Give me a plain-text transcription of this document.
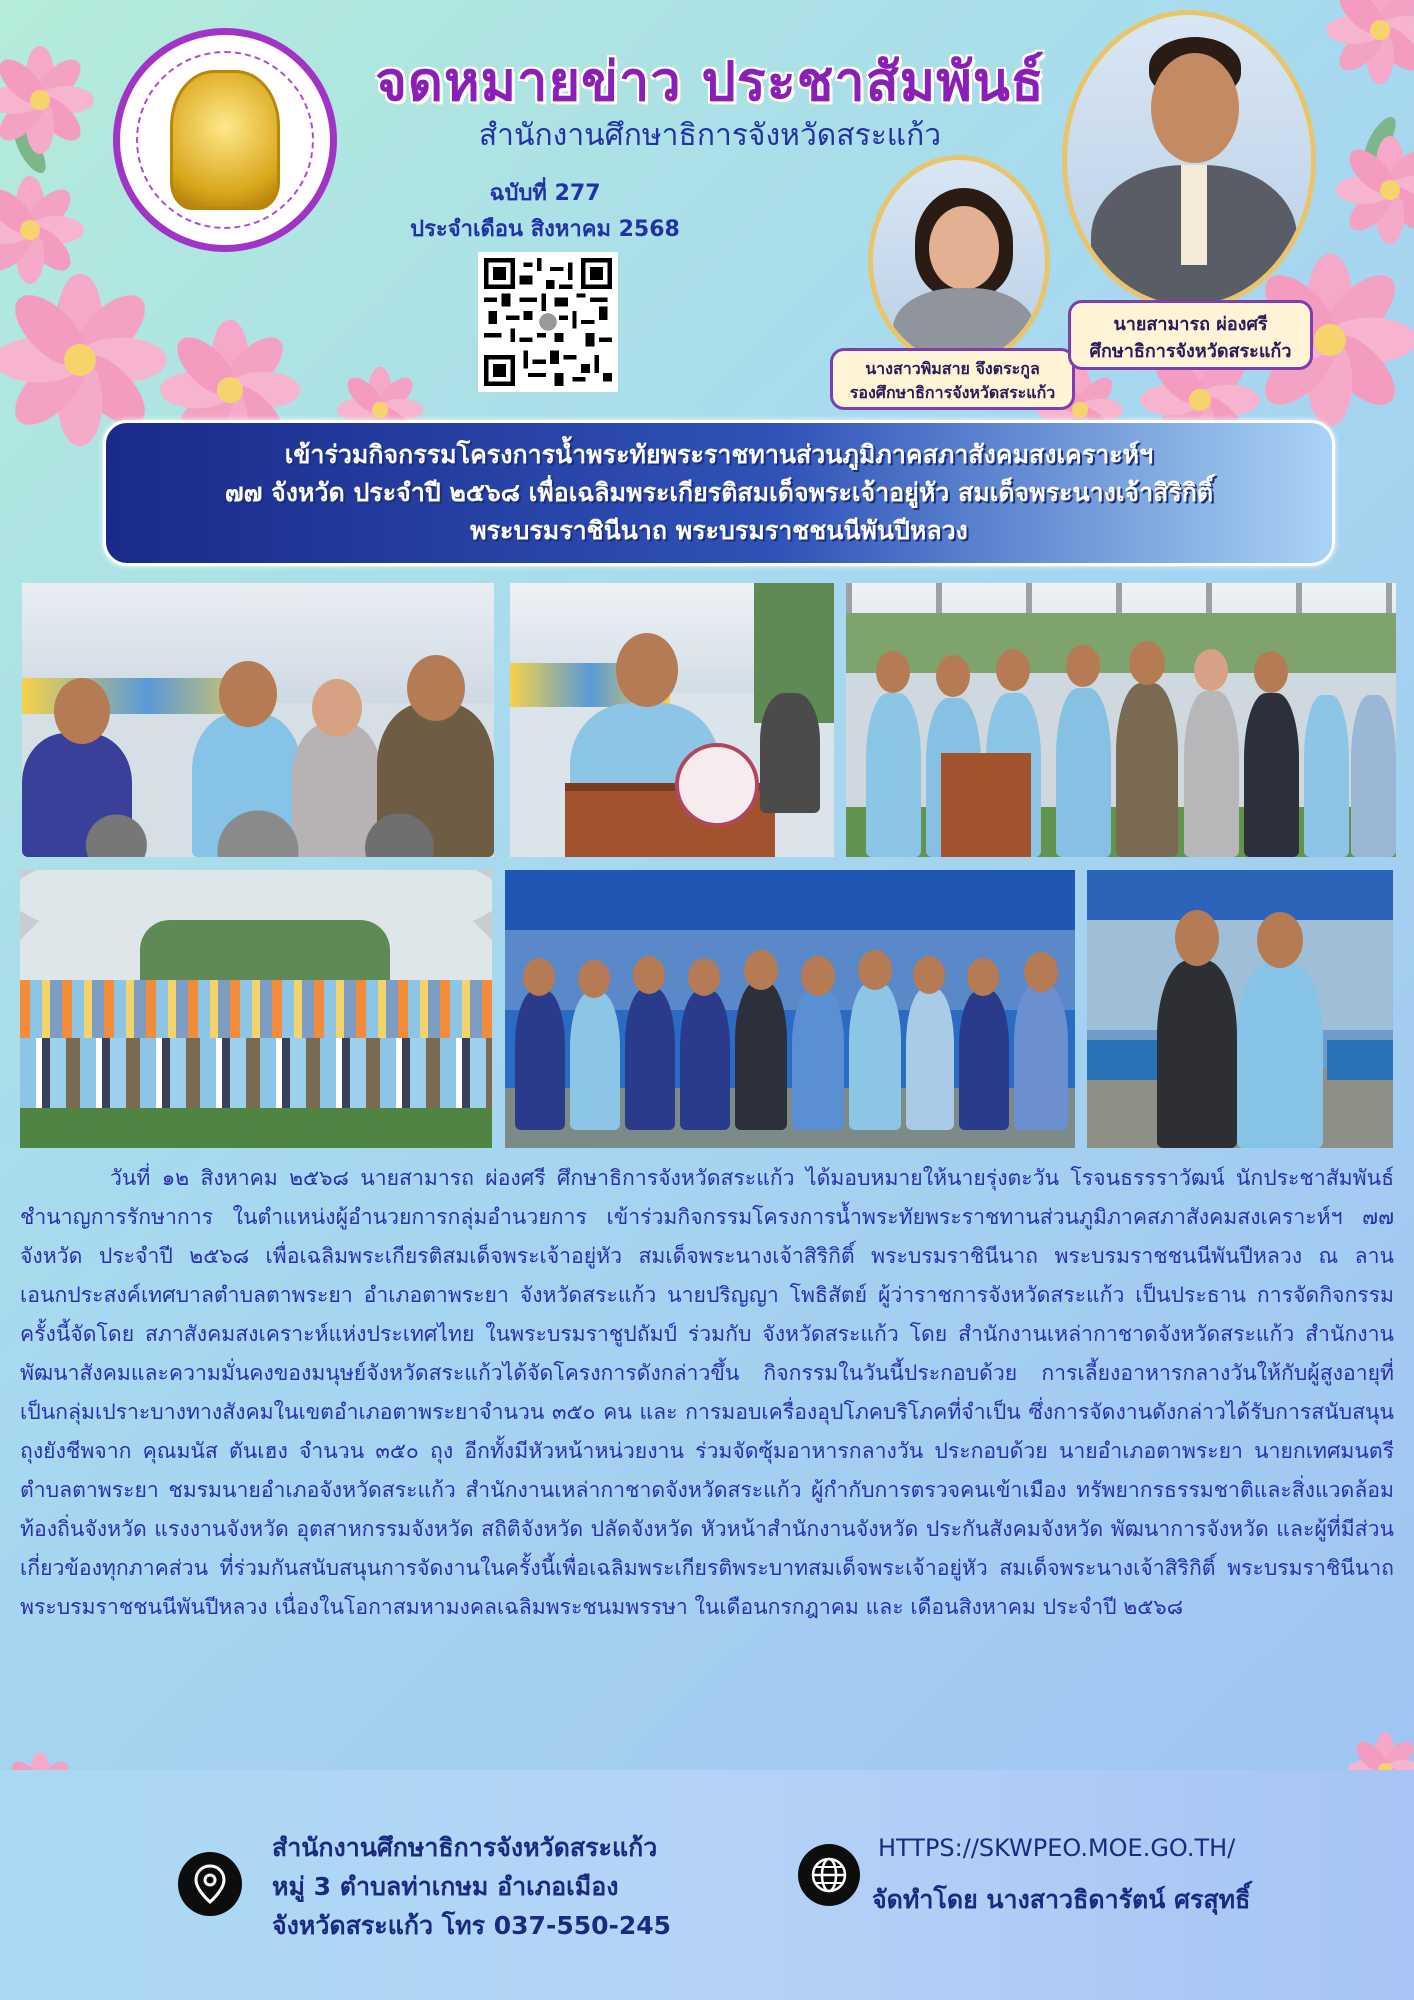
จดหมายข่าว ประชาสัมพันธ์
สำนักงานศึกษาธิการจังหวัดสระแก้ว
ฉบับที่ 277
ประจำเดือน สิงหาคม 2568
นางสาวพิมสาย จึงตระกูล
รองศึกษาธิการจังหวัดสระแก้ว
นายสามารถ ผ่องศรี
ศึกษาธิการจังหวัดสระแก้ว
เข้าร่วมกิจกรรมโครงการน้ำพระทัยพระราชทานส่วนภูมิภาคสภาสังคมสงเคราะห์ฯ
๗๗ จังหวัด ประจำปี ๒๕๖๘ เพื่อเฉลิมพระเกียรติสมเด็จพระเจ้าอยู่หัว สมเด็จพระนางเจ้าสิริกิติ์
พระบรมราชินีนาถ พระบรมราชชนนีพันปีหลวง

วันที่ ๑๒ สิงหาคม ๒๕๖๘ นายสามารถ ผ่องศรี ศึกษาธิการจังหวัดสระแก้ว ได้มอบหมายให้นายรุ่งตะวัน โรจนธรรราวัฒน์ นักประชาสัมพันธ์ชำนาญการรักษาการ ในตำแหน่งผู้อำนวยการกลุ่มอำนวยการ เข้าร่วมกิจกรรมโครงการน้ำพระทัยพระราชทานส่วนภูมิภาคสภาสังคมสงเคราะห์ฯ ๗๗ จังหวัด ประจำปี ๒๕๖๘ เพื่อเฉลิมพระเกียรติสมเด็จพระเจ้าอยู่หัว สมเด็จพระนางเจ้าสิริกิติ์ พระบรมราชินีนาถ พระบรมราชชนนีพันปีหลวง ณ ลานเอนกประสงค์เทศบาลตำบลตาพระยา อำเภอตาพระยา จังหวัดสระแก้ว นายปริญญา โพธิสัตย์ ผู้ว่าราชการจังหวัดสระแก้ว เป็นประธาน การจัดกิจกรรมครั้งนี้จัดโดย สภาสังคมสงเคราะห์แห่งประเทศไทย ในพระบรมราชูปถัมป์ ร่วมกับ จังหวัดสระแก้ว โดย สำนักงานเหล่ากาชาดจังหวัดสระแก้ว สำนักงานพัฒนาสังคมและความมั่นคงของมนุษย์จังหวัดสระแก้วได้จัดโครงการดังกล่าวขึ้น กิจกรรมในวันนี้ประกอบด้วย การเลี้ยงอาหารกลางวันให้กับผู้สูงอายุที่เป็นกลุ่มเปราะบางทางสังคมในเขตอำเภอตาพระยาจำนวน ๓๕๐ คน และ การมอบเครื่องอุปโภคบริโภคที่จำเป็น ซึ่งการจัดงานดังกล่าวได้รับการสนับสนุนถุงยังชีพจาก คุณมนัส ตันเฮง จำนวน ๓๕๐ ถุง อีกทั้งมีหัวหน้าหน่วยงาน ร่วมจัดซุ้มอาหารกลางวัน ประกอบด้วย นายอำเภอตาพระยา นายกเทศมนตรีตำบลตาพระยา ชมรมนายอำเภอจังหวัดสระแก้ว สำนักงานเหล่ากาชาดจังหวัดสระแก้ว ผู้กำกับการตรวจคนเข้าเมือง ทรัพยากรธรรมชาติและสิ่งแวดล้อม ท้องถิ่นจังหวัด แรงงานจังหวัด อุตสาหกรรมจังหวัด สถิติจังหวัด ปลัดจังหวัด หัวหน้าสำนักงานจังหวัด ประกันสังคมจังหวัด พัฒนาการจังหวัด และผู้ที่มีส่วนเกี่ยวข้องทุกภาคส่วน ที่ร่วมกันสนับสนุนการจัดงานในครั้งนี้เพื่อเฉลิมพระเกียรติพระบาทสมเด็จพระเจ้าอยู่หัว สมเด็จพระนางเจ้าสิริกิติ์ พระบรมราชินีนาถ พระบรมราชชนนีพันปีหลวง เนื่องในโอกาสมหามงคลเฉลิมพระชนมพรรษา ในเดือนกรกฎาคม และ เดือนสิงหาคม ประจำปี ๒๕๖๘

สำนักงานศึกษาธิการจังหวัดสระแก้ว
หมู่ 3 ตำบลท่าเกษม อำเภอเมือง
จังหวัดสระแก้ว โทร 037-550-245
HTTPS://SKWPEO.MOE.GO.TH/
จัดทำโดย นางสาวธิดารัตน์ ศรสุทธิ์
